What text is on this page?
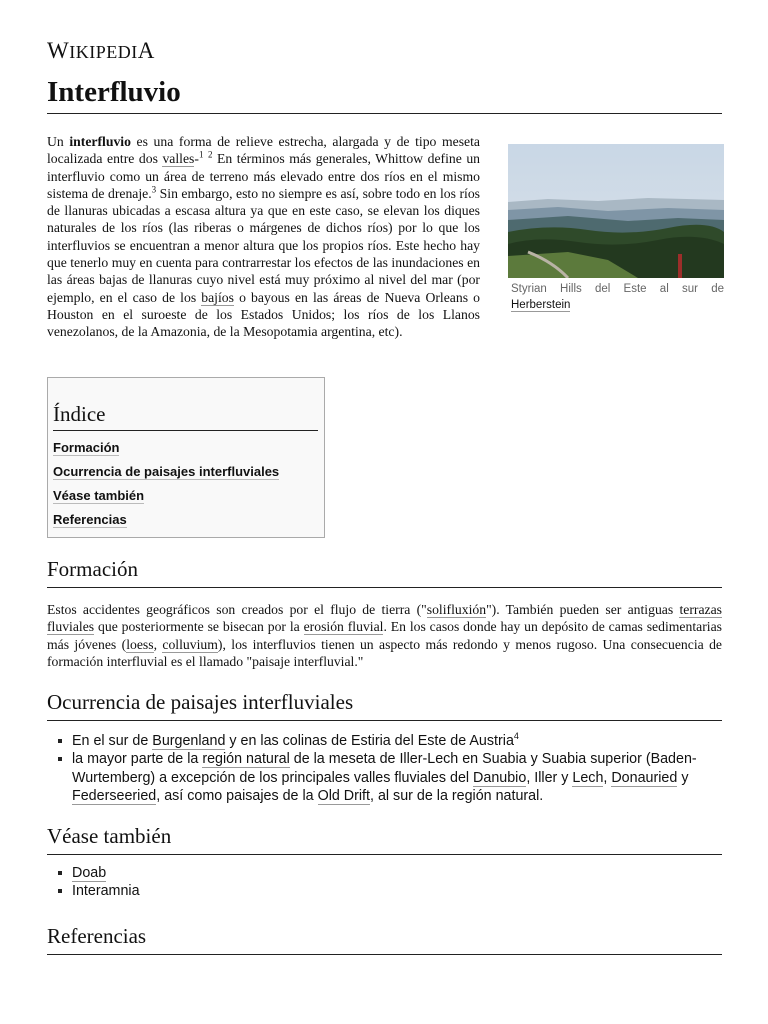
WIKIPEDIA
Interfluvio
Styrian Hills del Este al sur de Herberstein
Un interfluvio es una forma de relieve estrecha, alargada y de tipo meseta localizada entre dos valles-$^1$ $^2$ En términos más generales, Whittow define un interfluvio como un área de terreno más elevado entre dos ríos en el mismo sistema de drenaje.$^3$ Sin embargo, esto no siempre es así, sobre todo en los ríos de llanuras ubicadas a escasa altura ya que en este caso, se elevan los diques naturales de los ríos (las riberas o márgenes de dichos ríos) por lo que los interfluvios se encuentran a menor altura que los propios ríos. Este hecho hay que tenerlo muy en cuenta para contrarrestar los efectos de las inundaciones en las áreas bajas de llanuras cuyo nivel está muy próximo al nivel del mar (por ejemplo, en el caso de los bajíos o bayous en las áreas de Nueva Orleans o Houston en el suroeste de los Estados Unidos; los ríos de los Llanos venezolanos, de la Amazonia, de la Mesopotamia argentina, etc).
Índice
Formación
Ocurrencia de paisajes interfluviales
Véase también
Referencias
Formación

Estos accidentes geográficos son creados por el flujo de tierra ("solifluxión"). También pueden ser antiguas terrazas fluviales que posteriormente se bisecan por la erosión fluvial. En los casos donde hay un depósito de camas sedimentarias más jóvenes (loess, colluvium), los interfluvios tienen un aspecto más redondo y menos rugoso. Una consecuencia de formación interfluvial es el llamado "paisaje interfluvial."

Ocurrencia de paisajes interfluviales
En el sur de Burgenland y en las colinas de Estiria del Este de Austria$^4$
la mayor parte de la región natural de la meseta de Iller-Lech en Suabia y Suabia superior (Baden-Wurtemberg) a excepción de los principales valles fluviales del Danubio, Iller y Lech, Donauried y Federseeried, así como paisajes de la Old Drift, al sur de la región natural.
Véase también
Doab
Interamnia
Referencias
